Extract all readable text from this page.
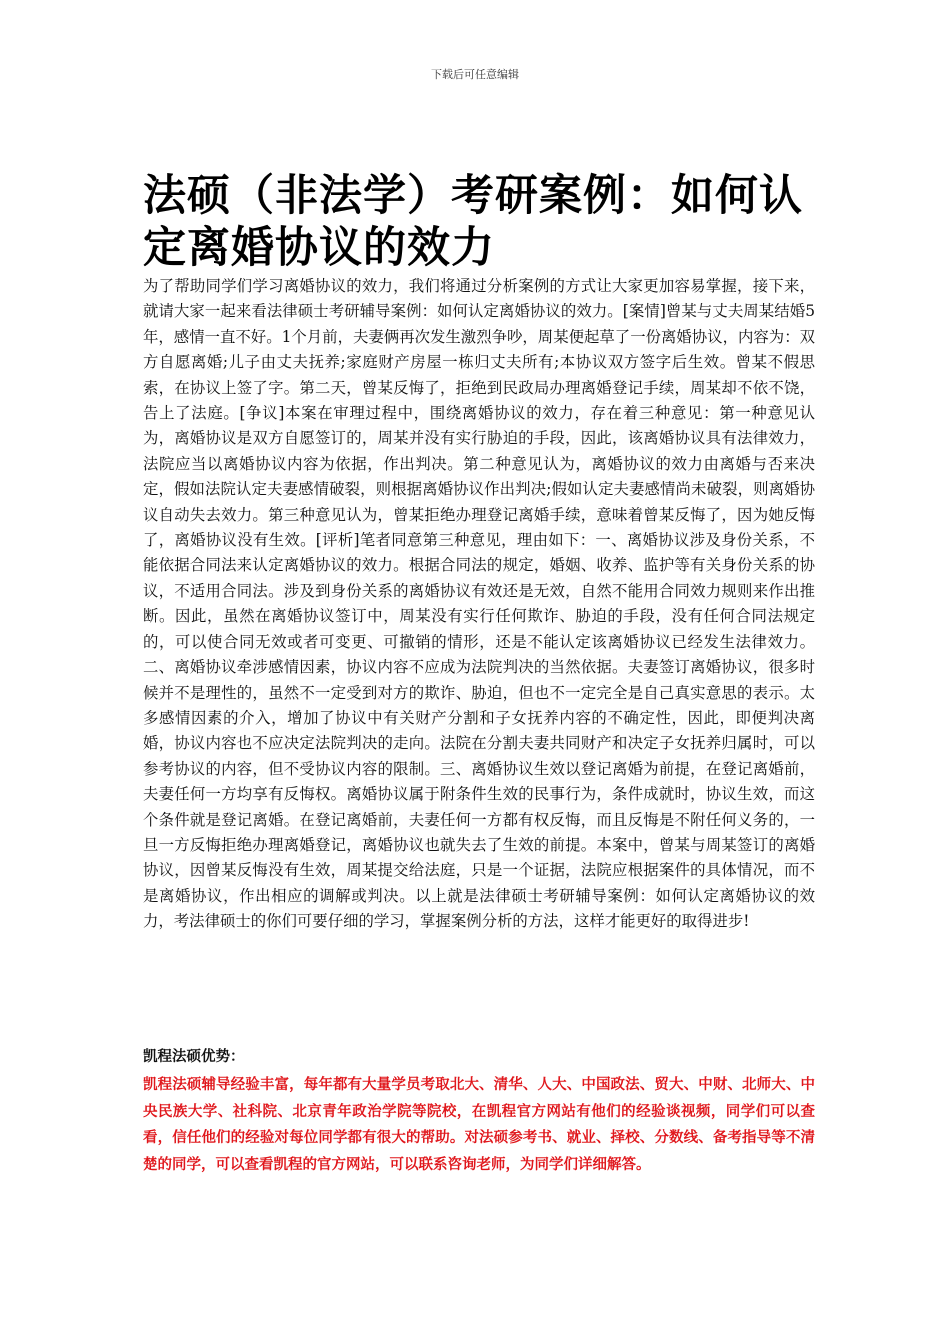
下载后可任意编辑
法硕（非法学）考研案例：如何认定离婚协议的效力

为了帮助同学们学习离婚协议的效力，我们将通过分析案例的方式让大家更加容易掌握，接下来，就请大家一起来看法律硕士考研辅导案例：如何认定离婚协议的效力。[案情]曾某与丈夫周某结婚5年，感情一直不好。1个月前，夫妻俩再次发生激烈争吵，周某便起草了一份离婚协议，内容为：双方自愿离婚;儿子由丈夫抚养;家庭财产房屋一栋归丈夫所有;本协议双方签字后生效。曾某不假思索，在协议上签了字。第二天，曾某反悔了，拒绝到民政局办理离婚登记手续，周某却不依不饶，告上了法庭。[争议]本案在审理过程中，围绕离婚协议的效力，存在着三种意见：第一种意见认为，离婚协议是双方自愿签订的，周某并没有实行胁迫的手段，因此，该离婚协议具有法律效力，法院应当以离婚协议内容为依据，作出判决。第二种意见认为，离婚协议的效力由离婚与否来决定，假如法院认定夫妻感情破裂，则根据离婚协议作出判决;假如认定夫妻感情尚未破裂，则离婚协议自动失去效力。第三种意见认为，曾某拒绝办理登记离婚手续，意味着曾某反悔了，因为她反悔了，离婚协议没有生效。[评析]笔者同意第三种意见，理由如下：一、离婚协议涉及身份关系，不能依据合同法来认定离婚协议的效力。根据合同法的规定，婚姻、收养、监护等有关身份关系的协议，不适用合同法。涉及到身份关系的离婚协议有效还是无效，自然不能用合同效力规则来作出推断。因此，虽然在离婚协议签订中，周某没有实行任何欺诈、胁迫的手段，没有任何合同法规定的，可以使合同无效或者可变更、可撤销的情形，还是不能认定该离婚协议已经发生法律效力。二、离婚协议牵涉感情因素，协议内容不应成为法院判决的当然依据。夫妻签订离婚协议，很多时候并不是理性的，虽然不一定受到对方的欺诈、胁迫，但也不一定完全是自己真实意思的表示。太多感情因素的介入，增加了协议中有关财产分割和子女抚养内容的不确定性，因此，即便判决离婚，协议内容也不应决定法院判决的走向。法院在分割夫妻共同财产和决定子女抚养归属时，可以参考协议的内容，但不受协议内容的限制。三、离婚协议生效以登记离婚为前提，在登记离婚前，夫妻任何一方均享有反悔权。离婚协议属于附条件生效的民事行为，条件成就时，协议生效，而这个条件就是登记离婚。在登记离婚前，夫妻任何一方都有权反悔，而且反悔是不附任何义务的，一旦一方反悔拒绝办理离婚登记，离婚协议也就失去了生效的前提。本案中，曾某与周某签订的离婚协议，因曾某反悔没有生效，周某提交给法庭，只是一个证据，法院应根据案件的具体情况，而不是离婚协议，作出相应的调解或判决。以上就是法律硕士考研辅导案例：如何认定离婚协议的效力，考法律硕士的你们可要仔细的学习，掌握案例分析的方法，这样才能更好的取得进步!

凯程法硕优势：

凯程法硕辅导经验丰富，每年都有大量学员考取北大、清华、人大、中国政法、贸大、中财、北师大、中央民族大学、社科院、北京青年政治学院等院校，在凯程官方网站有他们的经验谈视频，同学们可以查看，信任他们的经验对每位同学都有很大的帮助。对法硕参考书、就业、择校、分数线、备考指导等不清楚的同学，可以查看凯程的官方网站，可以联系咨询老师，为同学们详细解答。
